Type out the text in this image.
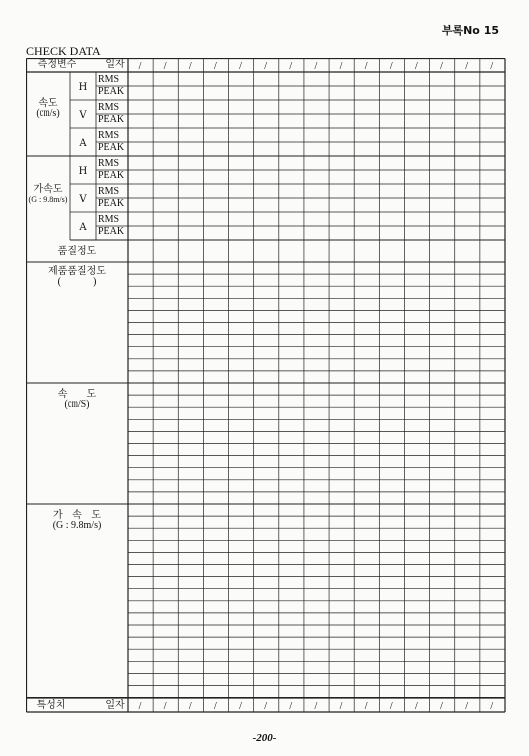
부록No 15
CHECK DATA
/
/
/
/
/
/
/
/
/
/
/
/
/
/
/
/
/
/
/
/
/
/
/
/
/
/
/
/
/
/
측정변수	일자
속도
(㎝/s)
가속도
(G : 9.8m/s)
H
V
A
H
V
A
RMS
PEAK
RMS
PEAK
RMS
PEAK
RMS
PEAK
RMS
PEAK
RMS
PEAK
품질정도
제품품질정도
(          )
속      도
(㎝/S)
가   속   도
(G : 9.8m/s)
특성치	일자
-200-
